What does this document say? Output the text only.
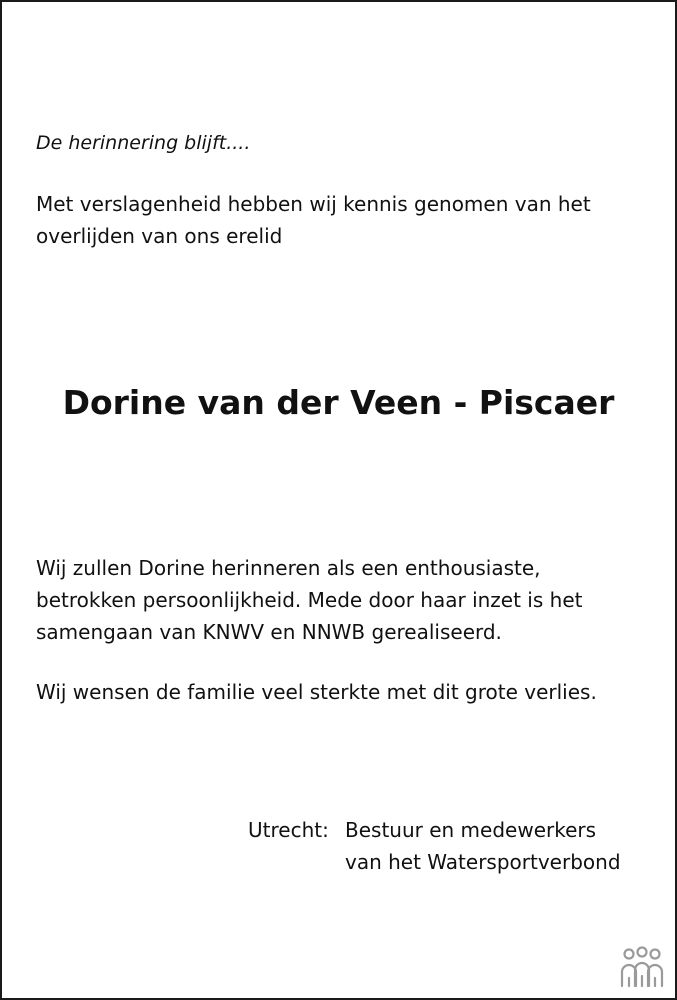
De herinnering blijft....

Met verslagenheid hebben wij kennis genomen van het
overlijden van ons erelid

Dorine van der Veen - Piscaer

Wij zullen Dorine herinneren als een enthousiaste,
betrokken persoonlijkheid. Mede door haar inzet is het
samengaan van KNWV en NNWB gerealiseerd.

Wij wensen de familie veel sterkte met dit grote verlies.

Utrecht: Bestuur en medewerkers
van het Watersportverbond
